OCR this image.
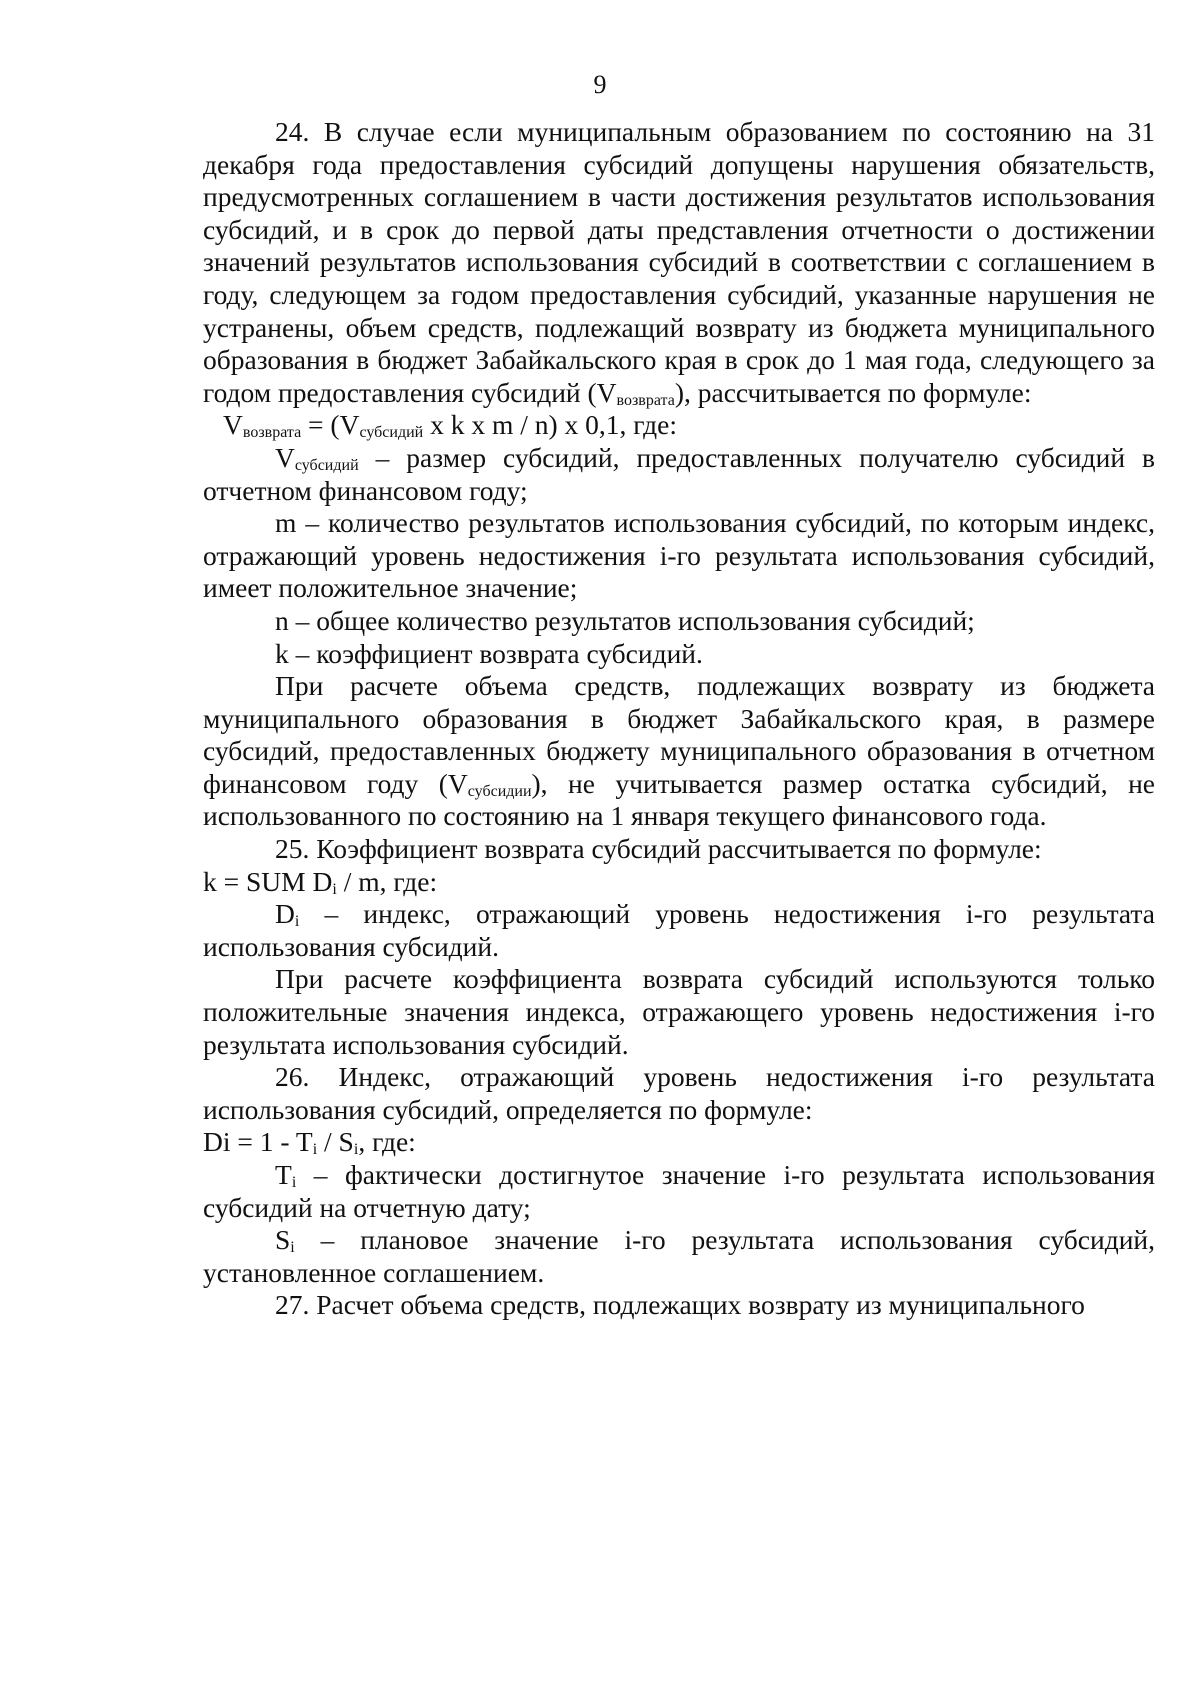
9

24. В случае если муниципальным образованием по состоянию на 31 декабря года предоставления субсидий допущены нарушения обязательств, предусмотренных соглашением в части достижения результатов использования субсидий, и в срок до первой даты представления отчетности о достижении значений результатов использования субсидий в соответствии с соглашением в году, следующем за годом предоставления субсидий, указанные нарушения не устранены, объем средств, подлежащий возврату из бюджета муниципального образования в бюджет Забайкальского края в срок до 1 мая года, следующего за годом предоставления субсидий $(V_{возврата})$, рассчитывается по формуле:

$V_{возврата} = (V_{субсидий}$ x k x m / n) x 0,1, где:

$V_{субсидий}$ – размер субсидий, предоставленных получателю субсидий в отчетном финансовом году;

m – количество результатов использования субсидий, по которым индекс, отражающий уровень недостижения i-го результата использования субсидий, имеет положительное значение;

n – общее количество результатов использования субсидий;

k – коэффициент возврата субсидий.

При расчете объема средств, подлежащих возврату из бюджета муниципального образования в бюджет Забайкальского края, в размере субсидий, предоставленных бюджету муниципального образования в отчетном финансовом году $(V_{субсидии})$, не учитывается размер остатка субсидий, не использованного по состоянию на 1 января текущего финансового года.

25. Коэффициент возврата субсидий рассчитывается по формуле:

k = SUM $D_i$ / m, где:

$D_i$ – индекс, отражающий уровень недостижения i-го результата использования субсидий.

При расчете коэффициента возврата субсидий используются только положительные значения индекса, отражающего уровень недостижения i-го результата использования субсидий.

26. Индекс, отражающий уровень недостижения i-го результата использования субсидий, определяется по формуле:

$Di = 1 - T_i / S_i$, где:

$T_i$ – фактически достигнутое значение i-го результата использования субсидий на отчетную дату;

$S_i$ – плановое значение i-го результата использования субсидий, установленное соглашением.

27. Расчет объема средств, подлежащих возврату из муниципального
